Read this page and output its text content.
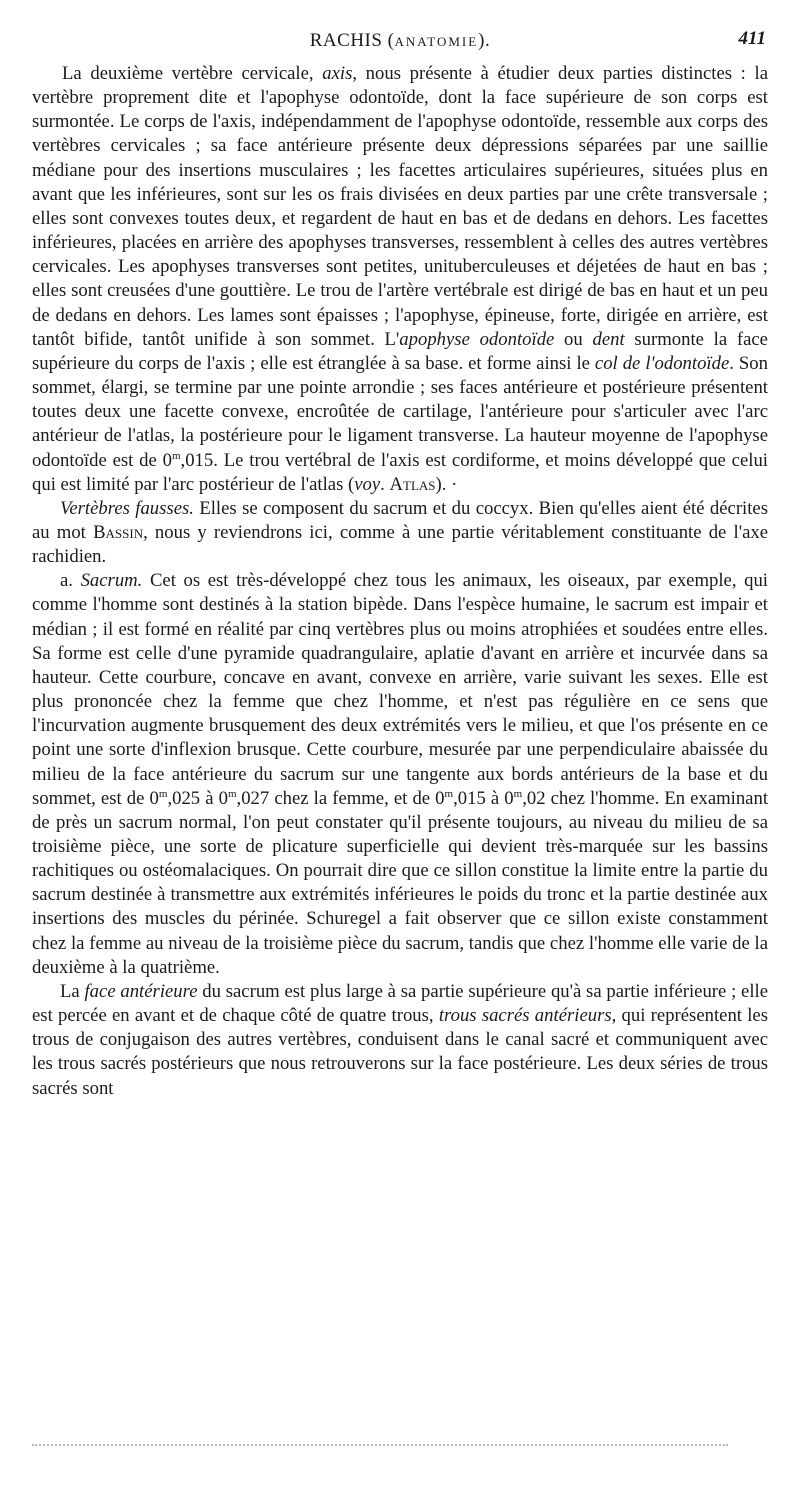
RACHIS (ANATOMIE).	411

La deuxième vertèbre cervicale, axis, nous présente à étudier deux parties distinctes : la vertèbre proprement dite et l'apophyse odontoïde, dont la face supérieure de son corps est surmontée. Le corps de l'axis, indépendamment de l'apophyse odontoïde, ressemble aux corps des vertèbres cervicales ; sa face antérieure présente deux dépressions séparées par une saillie médiane pour des insertions musculaires ; les facettes articulaires supérieures, situées plus en avant que les inférieures, sont sur les os frais divisées en deux parties par une crête transversale ; elles sont convexes toutes deux, et regardent de haut en bas et de dedans en dehors. Les facettes inférieures, placées en arrière des apophyses transverses, ressemblent à celles des autres vertèbres cervicales. Les apophyses transverses sont petites, unituberculeuses et déjetées de haut en bas ; elles sont creusées d'une gouttière. Le trou de l'artère vertébrale est dirigé de bas en haut et un peu de dedans en dehors. Les lames sont épaisses ; l'apophyse, épineuse, forte, dirigée en arrière, est tantôt bifide, tantôt unifide à son sommet. L'apophyse odontoïde ou dent surmonte la face supérieure du corps de l'axis ; elle est étranglée à sa base. et forme ainsi le col de l'odontoïde. Son sommet, élargi, se termine par une pointe arrondie ; ses faces antérieure et postérieure présentent toutes deux une facette convexe, encroûtée de cartilage, l'antérieure pour s'articuler avec l'arc antérieur de l'atlas, la postérieure pour le ligament transverse. La hauteur moyenne de l'apophyse odontoïde est de 0$^m$,015. Le trou vertébral de l'axis est cordiforme, et moins développé que celui qui est limité par l'arc postérieur de l'atlas (voy. Atlas). ·

Vertèbres fausses. Elles se composent du sacrum et du coccyx. Bien qu'elles aient été décrites au mot Bassin, nous y reviendrons ici, comme à une partie véritablement constituante de l'axe rachidien.

a. Sacrum. Cet os est très-développé chez tous les animaux, les oiseaux, par exemple, qui comme l'homme sont destinés à la station bipède. Dans l'espèce humaine, le sacrum est impair et médian ; il est formé en réalité par cinq vertèbres plus ou moins atrophiées et soudées entre elles. Sa forme est celle d'une pyramide quadrangulaire, aplatie d'avant en arrière et incurvée dans sa hauteur. Cette courbure, concave en avant, convexe en arrière, varie suivant les sexes. Elle est plus prononcée chez la femme que chez l'homme, et n'est pas régulière en ce sens que l'incurvation augmente brusquement des deux extrémités vers le milieu, et que l'os présente en ce point une sorte d'inflexion brusque. Cette courbure, mesurée par une perpendiculaire abaissée du milieu de la face antérieure du sacrum sur une tangente aux bords antérieurs de la base et du sommet, est de 0$^m$,025 à 0$^m$,027 chez la femme, et de 0$^m$,015 à 0$^m$,02 chez l'homme. En examinant de près un sacrum normal, l'on peut constater qu'il présente toujours, au niveau du milieu de sa troisième pièce, une sorte de plicature superficielle qui devient très-marquée sur les bassins rachitiques ou ostéomalaciques. On pourrait dire que ce sillon constitue la limite entre la partie du sacrum destinée à transmettre aux extrémités inférieures le poids du tronc et la partie destinée aux insertions des muscles du périnée. Schuregel a fait observer que ce sillon existe constamment chez la femme au niveau de la troisième pièce du sacrum, tandis que chez l'homme elle varie de la deuxième à la quatrième.

La face antérieure du sacrum est plus large à sa partie supérieure qu'à sa partie inférieure ; elle est percée en avant et de chaque côté de quatre trous, trous sacrés antérieurs, qui représentent les trous de conjugaison des autres vertèbres, conduisent dans le canal sacré et communiquent avec les trous sacrés postérieurs que nous retrouverons sur la face postérieure. Les deux séries de trous sacrés sont
